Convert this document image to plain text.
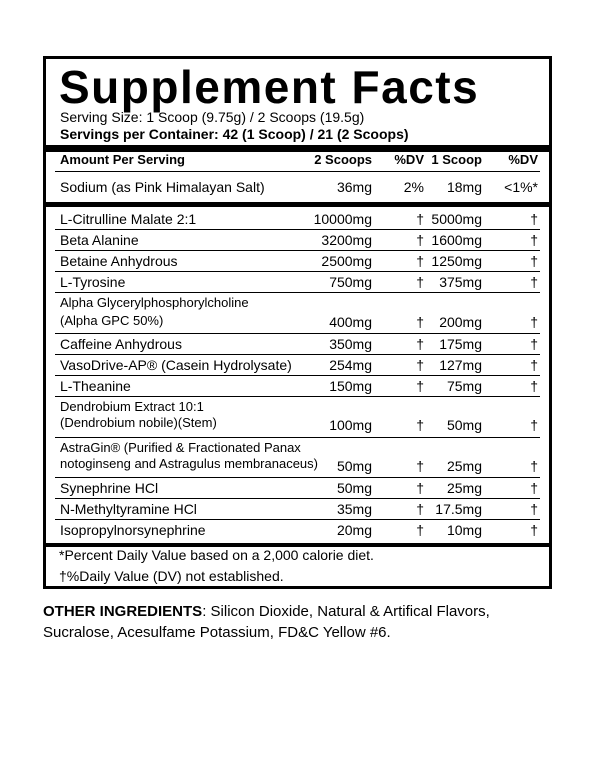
Supplement Facts
Serving Size: 1 Scoop (9.75g) / 2 Scoops (19.5g)
Servings per Container: 42 (1 Scoop) / 21 (2 Scoops)
Amount Per Serving	2 Scoops %DV 1 Scoop %DV
Sodium (as Pink Himalayan Salt)	36mg 2% 18mg <1%*
L-Citrulline Malate 2:1	10000mg	† 5000mg	†
Beta Alanine	3200mg	† 1600mg	†
Betaine Anhydrous	2500mg	† 1250mg	†
L-Tyrosine	750mg	† 375mg	†
Alpha Glycerylphosphorylcholine
(Alpha GPC 50%)	400mg	† 200mg	†
Caffeine Anhydrous	350mg	† 175mg	†
VasoDrive-AP® (Casein Hydrolysate)	254mg	† 127mg	†
L-Theanine	150mg	† 75mg	†
Dendrobium Extract 10:1
(Dendrobium nobile)(Stem)	100mg	† 50mg	†
AstraGin® (Purified & Fractionated Panax
notoginseng and Astragulus membranaceus) 50mg	† 25mg	†
Synephrine HCl	50mg	† 25mg	†
N-Methyltyramine HCl	35mg	† 17.5mg	†
Isopropylnorsynephrine	20mg	† 10mg	†
*Percent Daily Value based on a 2,000 calorie diet.
†%Daily Value (DV) not established.
OTHER INGREDIENTS: Silicon Dioxide, Natural & Artifical Flavors, Sucralose, Acesulfame Potassium, FD&C Yellow #6.
